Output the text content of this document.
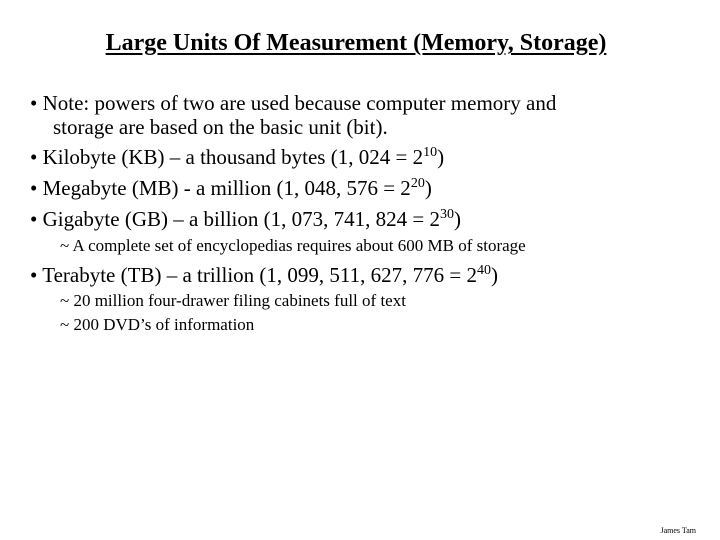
Large Units Of Measurement (Memory, Storage)
• Note: powers of two are used because computer memory and
storage are based on the basic unit (bit).
• Kilobyte (KB) – a thousand bytes (1, $024 = 2^{10}$)
• Megabyte (MB) - a million (1, 048, $576 = 2^{20}$)
• Gigabyte (GB) – a billion (1, 073, 741, $824 = 2^{30}$)
~ A complete set of encyclopedias requires about 600 MB of storage
• Terabyte (TB) – a trillion (1, 099, 511, 627, $776 = 2^{40}$)
~ 20 million four-drawer filing cabinets full of text
~ 200 DVD’s of information
James Tam
